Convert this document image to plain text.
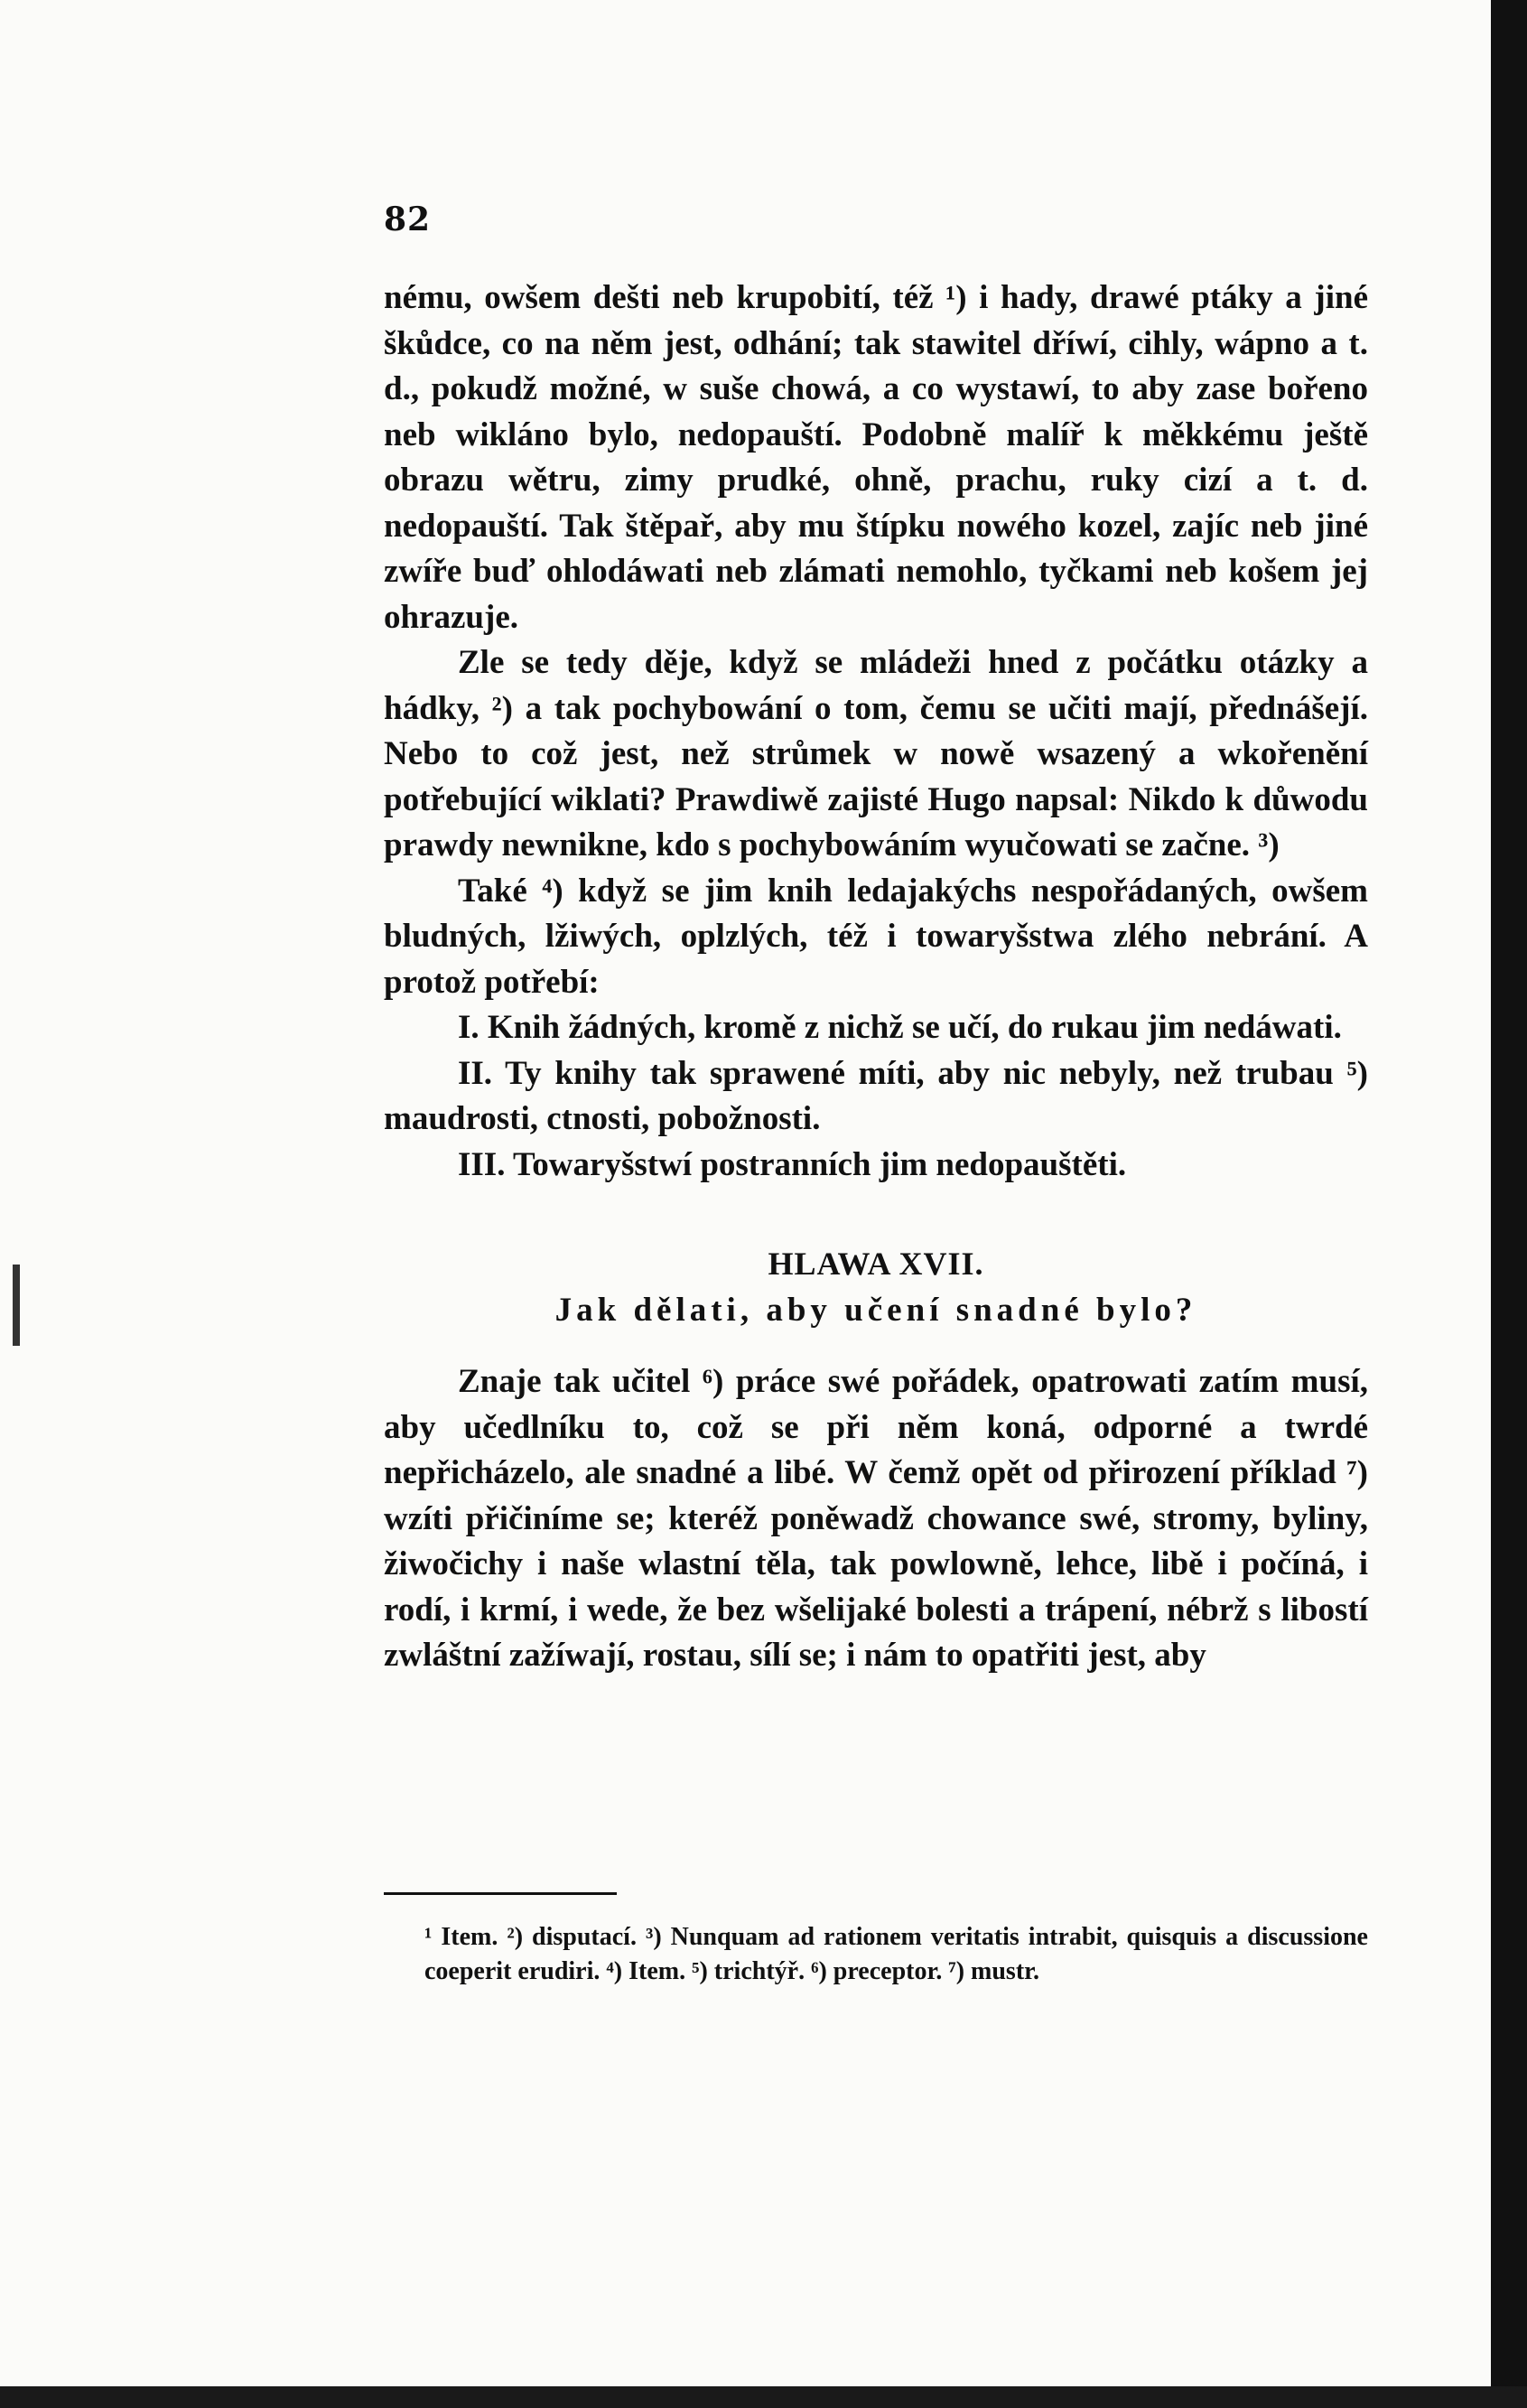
82

nému, owšem dešti neb krupobití, též ¹) i hady, drawé ptáky a jiné škůdce, co na něm jest, odhání; tak stawitel dříwí, cihly, wápno a t. d., pokudž možné, w suše chowá, a co wystawí, to aby zase bořeno neb wikláno bylo, nedopauští. Podobně malíř k měkkému ještě obrazu wětru, zimy prudké, ohně, prachu, ruky cizí a t. d. nedopauští. Tak štěpař, aby mu štípku nowého kozel, zajíc neb jiné zwíře buď ohlodáwati neb zlámati nemohlo, tyčkami neb košem jej ohrazuje.

Zle se tedy děje, když se mládeži hned z počátku otázky a hádky, ²) a tak pochybowání o tom, čemu se učiti mají, přednášejí. Nebo to což jest, než strůmek w nowě wsazený a wkořenění potřebující wiklati? Prawdiwě zajisté Hugo napsal: Nikdo k důwodu prawdy newnikne, kdo s pochybowáním wyučowati se začne. ³)

Také ⁴) když se jim knih ledajakýchs nespořádaných, owšem bludných, lžiwých, oplzlých, též i towaryšstwa zlého nebrání. A protož potřebí:

I. Knih žádných, kromě z nichž se učí, do rukau jim nedáwati.

II. Ty knihy tak sprawené míti, aby nic nebyly, než trubau ⁵) maudrosti, ctnosti, pobožnosti.

III. Towaryšstwí postranních jim nedopauštěti.

HLAWA XVII.
Jak dělati, aby učení snadné bylo?

Znaje tak učitel ⁶) práce swé pořádek, opatrowati zatím musí, aby učedlníku to, což se při něm koná, odporné a twrdé nepřicházelo, ale snadné a libé. W čemž opět od přirození příklad ⁷) wzíti přičiníme se; kteréž poněwadž chowance swé, stromy, byliny, žiwočichy i naše wlastní těla, tak powlowně, lehce, libě i počíná, i rodí, i krmí, i wede, že bez wšelijaké bolesti a trápení, nébrž s libostí zwláštní zažíwají, rostau, sílí se; i nám to opatřiti jest, aby

¹ Item. ²) disputací. ³) Nunquam ad rationem veritatis intrabit, quisquis a discussione coeperit erudiri. ⁴) Item. ⁵) trichtýř. ⁶) preceptor. ⁷) mustr.
